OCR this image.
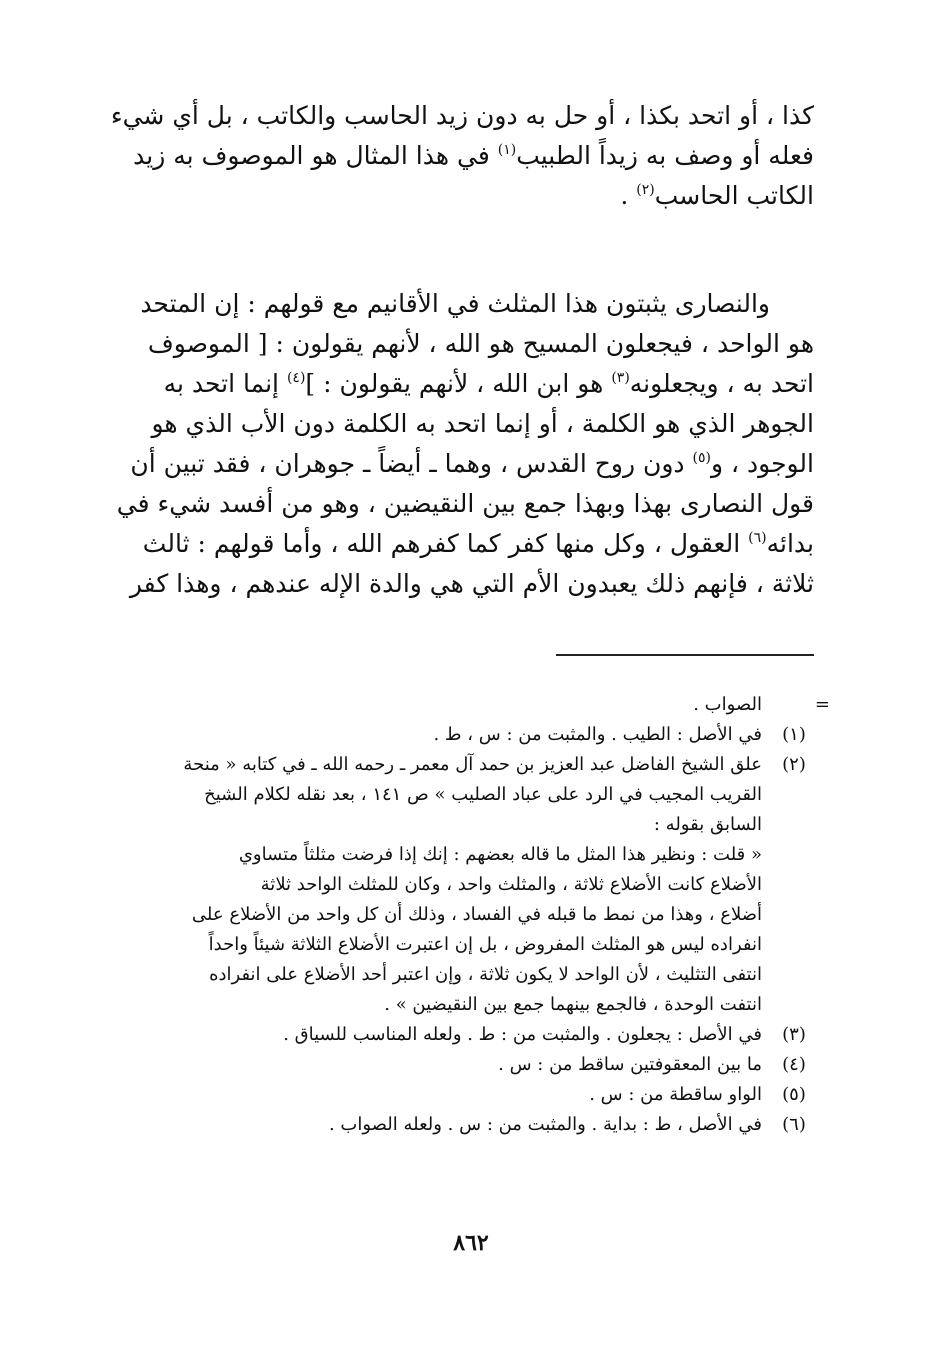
كذا ، أو اتحد بكذا ، أو حل به دون زيد الحاسب والكاتب ، بل أي شيء
فعله أو وصف به زيداً الطبيب$^{(١)}$ في هذا المثال هو الموصوف به زيد
الكاتب الحاسب$^{(٢)}$ .
والنصارى يثبتون هذا المثلث في الأقانيم مع قولهم : إن المتحد
هو الواحد ، فيجعلون المسيح هو الله ، لأنهم يقولون : [ الموصوف
اتحد به ، ويجعلونه$^{(٣)}$ هو ابن الله ، لأنهم يقولون : ]$^{(٤)}$ إنما اتحد به
الجوهر الذي هو الكلمة ، أو إنما اتحد به الكلمة دون الأب الذي هو
الوجود ، و$^{(٥)}$ دون روح القدس ، وهما ـ أيضاً ـ جوهران ، فقد تبين أن
قول النصارى بهذا وبهذا جمع بين النقيضين ، وهو من أفسد شيء في
بدائه$^{(٦)}$ العقول ، وكل منها كفر كما كفرهم الله ، وأما قولهم : ثالث
ثلاثة ، فإنهم ذلك يعبدون الأم التي هي والدة الإله عندهم ، وهذا كفر
=
الصواب .
(١)
في الأصل : الطيب . والمثبت من : س ، ط .
(٢)
علق الشيخ الفاضل عبد العزيز بن حمد آل معمر ـ رحمه الله ـ في كتابه « منحة
القريب المجيب في الرد على عباد الصليب » ص ١٤١ ، بعد نقله لكلام الشيخ
السابق بقوله :
« قلت : ونظير هذا المثل ما قاله بعضهم : إنك إذا فرضت مثلثاً متساوي
الأضلاع كانت الأضلاع ثلاثة ، والمثلث واحد ، وكان للمثلث الواحد ثلاثة
أضلاع ، وهذا من نمط ما قبله في الفساد ، وذلك أن كل واحد من الأضلاع على
انفراده ليس هو المثلث المفروض ، بل إن اعتبرت الأضلاع الثلاثة شيئاً واحداً
انتفى التثليث ، لأن الواحد لا يكون ثلاثة ، وإن اعتبر أحد الأضلاع على انفراده
انتفت الوحدة ، فالجمع بينهما جمع بين النقيضين » .
(٣)
في الأصل : يجعلون . والمثبت من : ط . ولعله المناسب للسياق .
(٤)
ما بين المعقوفتين ساقط من : س .
(٥)
الواو ساقطة من : س .
(٦)
في الأصل ، ط : بداية . والمثبت من : س . ولعله الصواب .
٨٦٢
